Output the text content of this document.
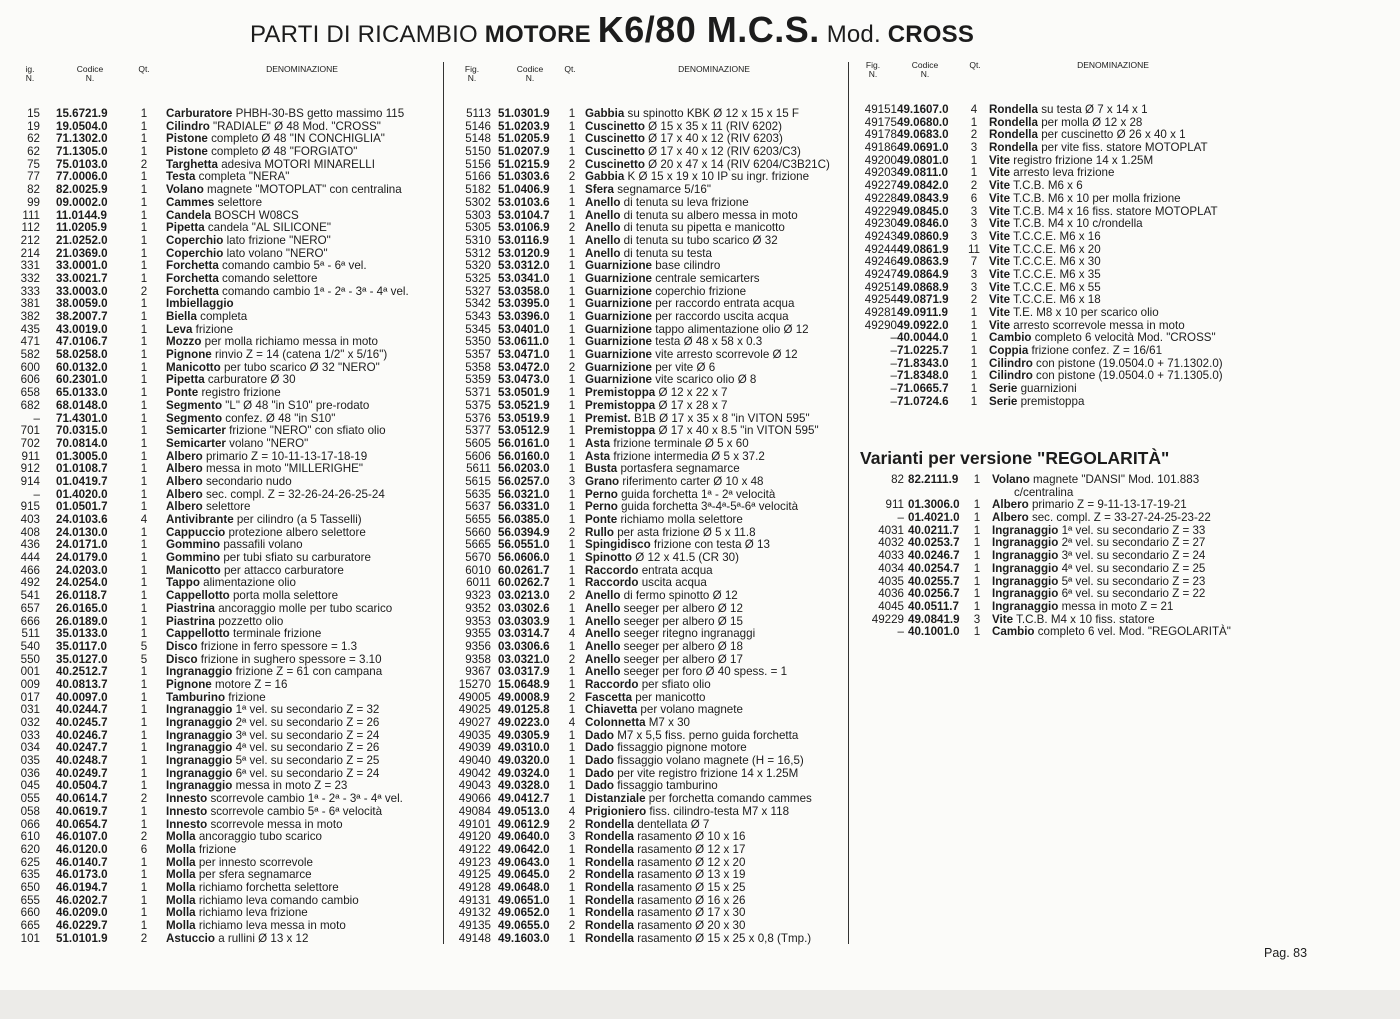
PARTI DI RICAMBIO MOTORE K6/80 M.C.S. Mod. CROSS
ig.
N.
Codice
N.
Qt.	DENOMINAZIONE
15 15.6721.9	1	Carburatore PHBH-30-BS getto massimo 115
19 19.0504.0	1	Cilindro "RADIALE" Ø 48 Mod. "CROSS"
62 71.1302.0	1	Pistone completo Ø 48 "IN CONCHIGLIA"
62 71.1305.0	1	Pistone completo Ø 48 "FORGIATO"
75 75.0103.0	2	Targhetta adesiva MOTORI MINARELLI
77 77.0006.0	1	Testa completa "NERA"
82 82.0025.9	1	Volano magnete "MOTOPLAT" con centralina
99 09.0002.0	1	Cammes selettore
111 11.0144.9	1	Candela BOSCH W08CS
112 11.0205.9	1	Pipetta candela "AL SILICONE"
212 21.0252.0	1	Coperchio lato frizione "NERO"
214 21.0369.0	1	Coperchio lato volano "NERO"
331 33.0001.0	1	Forchetta comando cambio 5ª - 6ª vel.
332 33.0021.7	1	Forchetta comando selettore
333 33.0003.0	2	Forchetta comando cambio 1ª - 2ª - 3ª - 4ª vel.
381 38.0059.0	1	Imbiellaggio
382 38.2007.7	1	Biella completa
435 43.0019.0	1	Leva frizione
471 47.0106.7	1	Mozzo per molla richiamo messa in moto
582 58.0258.0	1	Pignone rinvio Z = 14 (catena 1/2" x 5/16")
600 60.0132.0	1	Manicotto per tubo scarico Ø 32 "NERO"
606 60.2301.0	1	Pipetta carburatore Ø 30
658 65.0133.0	1	Ponte registro frizione
682 68.0148.0	1	Segmento "L" Ø 48 "in S10" pre-rodato
– 71.4301.0	1	Segmento confez. Ø 48 "in S10"
701 70.0315.0	1	Semicarter frizione "NERO" con sfiato olio
702 70.0814.0	1	Semicarter volano "NERO"
911 01.3005.0	1	Albero primario Z = 10-11-13-17-18-19
912 01.0108.7	1	Albero messa in moto "MILLERIGHE"
914 01.0419.7	1	Albero secondario nudo
– 01.4020.0	1	Albero sec. compl. Z = 32-26-24-26-25-24
915 01.0501.7	1	Albero selettore
403 24.0103.6	4	Antivibrante per cilindro (a 5 Tasselli)
408 24.0130.0	1	Cappuccio protezione albero selettore
436 24.0171.0	1	Gommino passafili volano
444 24.0179.0	1	Gommino per tubi sfiato su carburatore
466 24.0203.0	1	Manicotto per attacco carburatore
492 24.0254.0	1	Tappo alimentazione olio
541 26.0118.7	1	Cappellotto porta molla selettore
657 26.0165.0	1	Piastrina ancoraggio molle per tubo scarico
666 26.0189.0	1	Piastrina pozzetto olio
511 35.0133.0	1	Cappellotto terminale frizione
540 35.0117.0	5	Disco frizione in ferro spessore = 1.3
550 35.0127.0	5	Disco frizione in sughero spessore = 3.10
001 40.2512.7	1	Ingranaggio frizione Z = 61 con campana
009 40.0813.7	1	Pignone motore Z = 16
017 40.0097.0	1	Tamburino frizione
031 40.0244.7	1	Ingranaggio 1ª vel. su secondario Z = 32
032 40.0245.7	1	Ingranaggio 2ª vel. su secondario Z = 26
033 40.0246.7	1	Ingranaggio 3ª vel. su secondario Z = 24
034 40.0247.7	1	Ingranaggio 4ª vel. su secondario Z = 26
035 40.0248.7	1	Ingranaggio 5ª vel. su secondario Z = 25
036 40.0249.7	1	Ingranaggio 6ª vel. su secondario Z = 24
045 40.0504.7	1	Ingranaggio messa in moto Z = 23
055 40.0614.7	2	Innesto scorrevole cambio 1ª - 2ª - 3ª - 4ª vel.
058 40.0619.7	1	Innesto scorrevole cambio 5ª - 6ª velocità
066 40.0654.7	1	Innesto scorrevole messa in moto
610 46.0107.0	2	Molla ancoraggio tubo scarico
620 46.0120.0	6	Molla frizione
625 46.0140.7	1	Molla per innesto scorrevole
635 46.0173.0	1	Molla per sfera segnamarce
650 46.0194.7	1	Molla richiamo forchetta selettore
655 46.0202.7	1	Molla richiamo leva comando cambio
660 46.0209.0	1	Molla richiamo leva frizione
665 46.0229.7	1	Molla richiamo leva messa in moto
101 51.0101.9	2	Astuccio a rullini Ø 13 x 12
Fig.
N.
Codice
N.
Qt.	DENOMINAZIONE
5113 51.0301.9	1 Gabbia su spinotto KBK Ø 12 x 15 x 15 F
5146 51.0203.9	1 Cuscinetto Ø 15 x 35 x 11 (RIV 6202)
5148 51.0205.9	1 Cuscinetto Ø 17 x 40 x 12 (RIV 6203)
5150 51.0207.9	1 Cuscinetto Ø 17 x 40 x 12 (RIV 6203/C3)
5156 51.0215.9	2 Cuscinetto Ø 20 x 47 x 14 (RIV 6204/C3B21C)
5166 51.0303.6	2 Gabbia K Ø 15 x 19 x 10 IP su ingr. frizione
5182 51.0406.9	1 Sfera segnamarce 5/16"
5302 53.0103.6	1 Anello di tenuta su leva frizione
5303 53.0104.7	1 Anello di tenuta su albero messa in moto
5305 53.0106.9	2 Anello di tenuta su pipetta e manicotto
5310 53.0116.9	1 Anello di tenuta su tubo scarico Ø 32
5312 53.0120.9	1 Anello di tenuta su testa
5320 53.0312.0	1 Guarnizione base cilindro
5325 53.0341.0	1 Guarnizione centrale semicarters
5327 53.0358.0	1 Guarnizione coperchio frizione
5342 53.0395.0	1 Guarnizione per raccordo entrata acqua
5343 53.0396.0	1 Guarnizione per raccordo uscita acqua
5345 53.0401.0	1 Guarnizione tappo alimentazione olio Ø 12
5350 53.0611.0	1 Guarnizione testa Ø 48 x 58 x 0.3
5357 53.0471.0	1 Guarnizione vite arresto scorrevole Ø 12
5358 53.0472.0	2 Guarnizione per vite Ø 6
5359 53.0473.0	1 Guarnizione vite scarico olio Ø 8
5371 53.0501.9	1 Premistoppa Ø 12 x 22 x 7
5375 53.0521.9	1 Premistoppa Ø 17 x 28 x 7
5376 53.0519.9	1 Premist. B1B Ø 17 x 35 x 8 "in VITON 595"
5377 53.0512.9	1 Premistoppa Ø 17 x 40 x 8.5 "in VITON 595"
5605 56.0161.0	1 Asta frizione terminale Ø 5 x 60
5606 56.0160.0	1 Asta frizione intermedia Ø 5 x 37.2
5611 56.0203.0	1 Busta portasfera segnamarce
5615 56.0257.0	3 Grano riferimento carter Ø 10 x 48
5635 56.0321.0	1 Perno guida forchetta 1ª - 2ª velocità
5637 56.0331.0	1 Perno guida forchetta 3ª-4ª-5ª-6ª velocità
5655 56.0385.0	1 Ponte richiamo molla selettore
5660 56.0394.9	2 Rullo per asta frizione Ø 5 x 11.8
5665 56.0551.0	1 Spingidisco frizione con testa Ø 13
5670 56.0606.0	1 Spinotto Ø 12 x 41.5 (CR 30)
6010 60.0261.7	1 Raccordo entrata acqua
6011 60.0262.7	1 Raccordo uscita acqua
9323 03.0213.0	2 Anello di fermo spinotto Ø 12
9352 03.0302.6	1 Anello seeger per albero Ø 12
9353 03.0303.9	1 Anello seeger per albero Ø 15
9355 03.0314.7	4 Anello seeger ritegno ingranaggi
9356 03.0306.6	1 Anello seeger per albero Ø 18
9358 03.0321.0	2 Anello seeger per albero Ø 17
9367 03.0317.9	1 Anello seeger per foro Ø 40 spess. = 1
15270 15.0648.9	1 Raccordo per sfiato olio
49005 49.0008.9	2 Fascetta per manicotto
49025 49.0125.8	1 Chiavetta per volano magnete
49027 49.0223.0	4 Colonnetta M7 x 30
49035 49.0305.9	1 Dado M7 x 5,5 fiss. perno guida forchetta
49039 49.0310.0	1 Dado fissaggio pignone motore
49040 49.0320.0	1 Dado fissaggio volano magnete (H = 16,5)
49042 49.0324.0	1 Dado per vite registro frizione 14 x 1.25M
49043 49.0328.0	1 Dado fissaggio tamburino
49066 49.0412.7	1 Distanziale per forchetta comando cammes
49084 49.0513.0	4 Prigioniero fiss. cilindro-testa M7 x 118
49101 49.0612.9	2 Rondella dentellata Ø 7
49120 49.0640.0	3 Rondella rasamento Ø 10 x 16
49122 49.0642.0	1 Rondella rasamento Ø 12 x 17
49123 49.0643.0	1 Rondella rasamento Ø 12 x 20
49125 49.0645.0	2 Rondella rasamento Ø 13 x 19
49128 49.0648.0	1 Rondella rasamento Ø 15 x 25
49131 49.0651.0	1 Rondella rasamento Ø 16 x 26
49132 49.0652.0	1 Rondella rasamento Ø 17 x 30
49135 49.0655.0	2 Rondella rasamento Ø 20 x 30
49148 49.1603.0	1 Rondella rasamento Ø 15 x 25 x 0,8 (Tmp.)
Fig.
N.
Codice
N.
Qt.	DENOMINAZIONE
49151 49.1607.0	4	Rondella su testa Ø 7 x 14 x 1
49175 49.0680.0	1	Rondella per molla Ø 12 x 28
49178 49.0683.0	2	Rondella per cuscinetto Ø 26 x 40 x 1
49186 49.0691.0	3	Rondella per vite fiss. statore MOTOPLAT
49200 49.0801.0	1	Vite registro frizione 14 x 1.25M
49203 49.0811.0	1	Vite arresto leva frizione
49227 49.0842.0	2	Vite T.C.B. M6 x 6
49228 49.0843.9	6	Vite T.C.B. M6 x 10 per molla frizione
49229 49.0845.0	3	Vite T.C.B. M4 x 16 fiss. statore MOTOPLAT
49230 49.0846.0	3	Vite T.C.B. M4 x 10 c/rondella
49243 49.0860.9	3	Vite T.C.C.E. M6 x 16
49244 49.0861.9	11 Vite T.C.C.E. M6 x 20
49246 49.0863.9	7	Vite T.C.C.E. M6 x 30
49247 49.0864.9	3	Vite T.C.C.E. M6 x 35
49251 49.0868.9	3	Vite T.C.C.E. M6 x 55
49254 49.0871.9	2	Vite T.C.C.E. M6 x 18
49281 49.0911.9	1	Vite T.E. M8 x 10 per scarico olio
49290 49.0922.0	1	Vite arresto scorrevole messa in moto
– 40.0044.0	1	Cambio completo 6 velocità Mod. "CROSS"
– 71.0225.7	1	Coppia frizione confez. Z = 16/61
– 71.8343.0	1	Cilindro con pistone (19.0504.0 + 71.1302.0)
– 71.8348.0	1	Cilindro con pistone (19.0504.0 + 71.1305.0)
– 71.0665.7	1	Serie guarnizioni
– 71.0724.6	1	Serie premistoppa
Varianti per versione "REGOLARITÀ"
82 82.2111.9	1	Volano magnete "DANSI" Mod. 101.883
c/centralina
911 01.3006.0	1	Albero primario Z = 9-11-13-17-19-21
– 01.4021.0	1	Albero sec. compl. Z = 33-27-24-25-23-22
4031 40.0211.7	1	Ingranaggio 1ª vel. su secondario Z = 33
4032 40.0253.7	1	Ingranaggio 2ª vel. su secondario Z = 27
4033 40.0246.7	1	Ingranaggio 3ª vel. su secondario Z = 24
4034 40.0254.7	1	Ingranaggio 4ª vel. su secondario Z = 25
4035 40.0255.7	1	Ingranaggio 5ª vel. su secondario Z = 23
4036 40.0256.7	1	Ingranaggio 6ª vel. su secondario Z = 22
4045 40.0511.7	1	Ingranaggio messa in moto Z = 21
49229 49.0841.9	3	Vite T.C.B. M4 x 10 fiss. statore
– 40.1001.0	1	Cambio completo 6 vel. Mod. "REGOLARITÀ"
Pag. 83
